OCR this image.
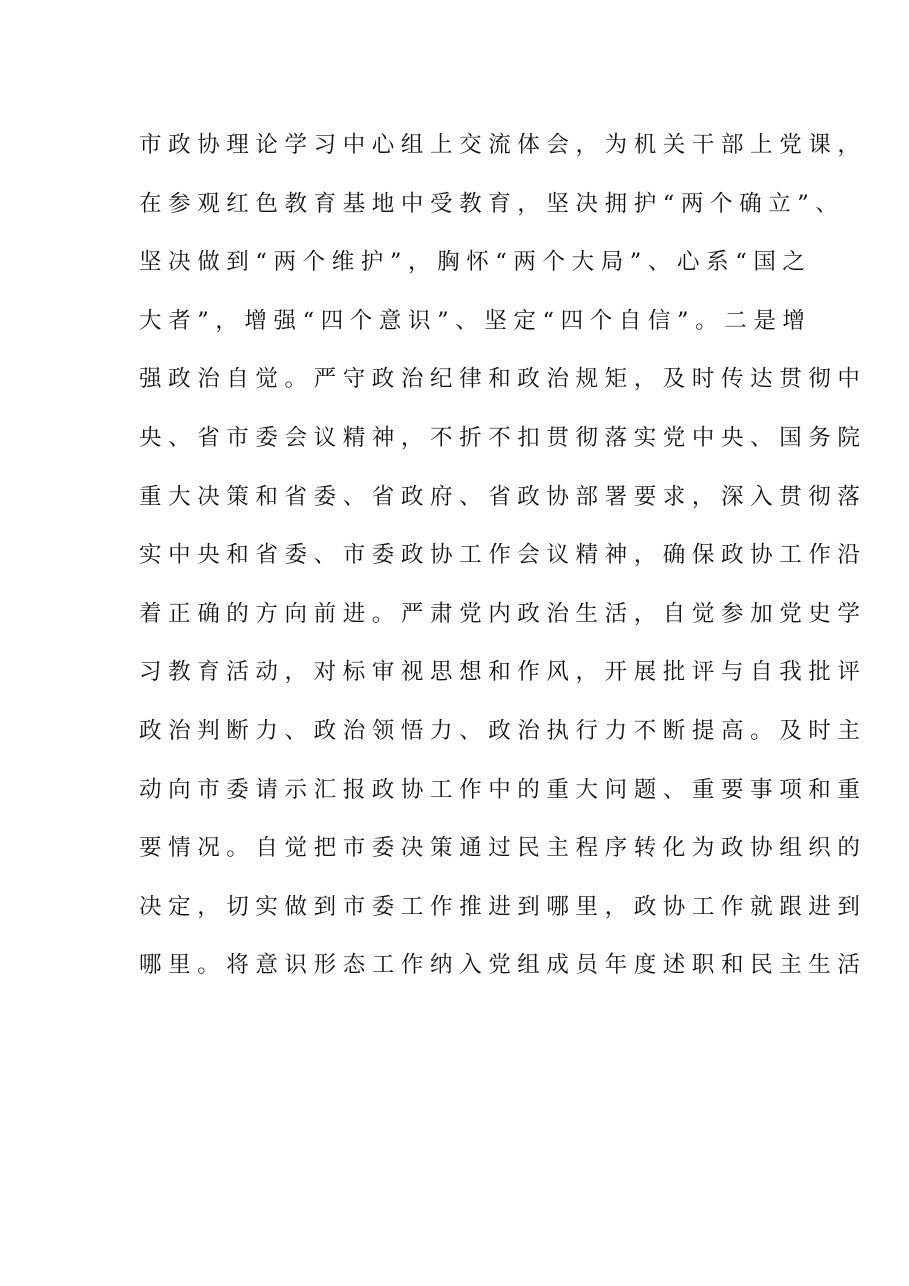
市政协理论学习中心组上交流体会，为机关干部上党课，
在参观红色教育基地中受教育，坚决拥护“两个确立”、
坚决做到“两个维护”，胸怀“两个大局”、心系“国之
大者”，增强“四个意识”、坚定“四个自信”。二是增
强政治自觉。严守政治纪律和政治规矩，及时传达贯彻中
央、省市委会议精神，不折不扣贯彻落实党中央、国务院
重大决策和省委、省政府、省政协部署要求，深入贯彻落
实中央和省委、市委政协工作会议精神，确保政协工作沿
着正确的方向前进。严肃党内政治生活，自觉参加党史学
习教育活动，对标审视思想和作风，开展批评与自我批评
政治判断力、政治领悟力、政治执行力不断提高。及时主
动向市委请示汇报政协工作中的重大问题、重要事项和重
要情况。自觉把市委决策通过民主程序转化为政协组织的
决定，切实做到市委工作推进到哪里，政协工作就跟进到
哪里。将意识形态工作纳入党组成员年度述职和民主生活
